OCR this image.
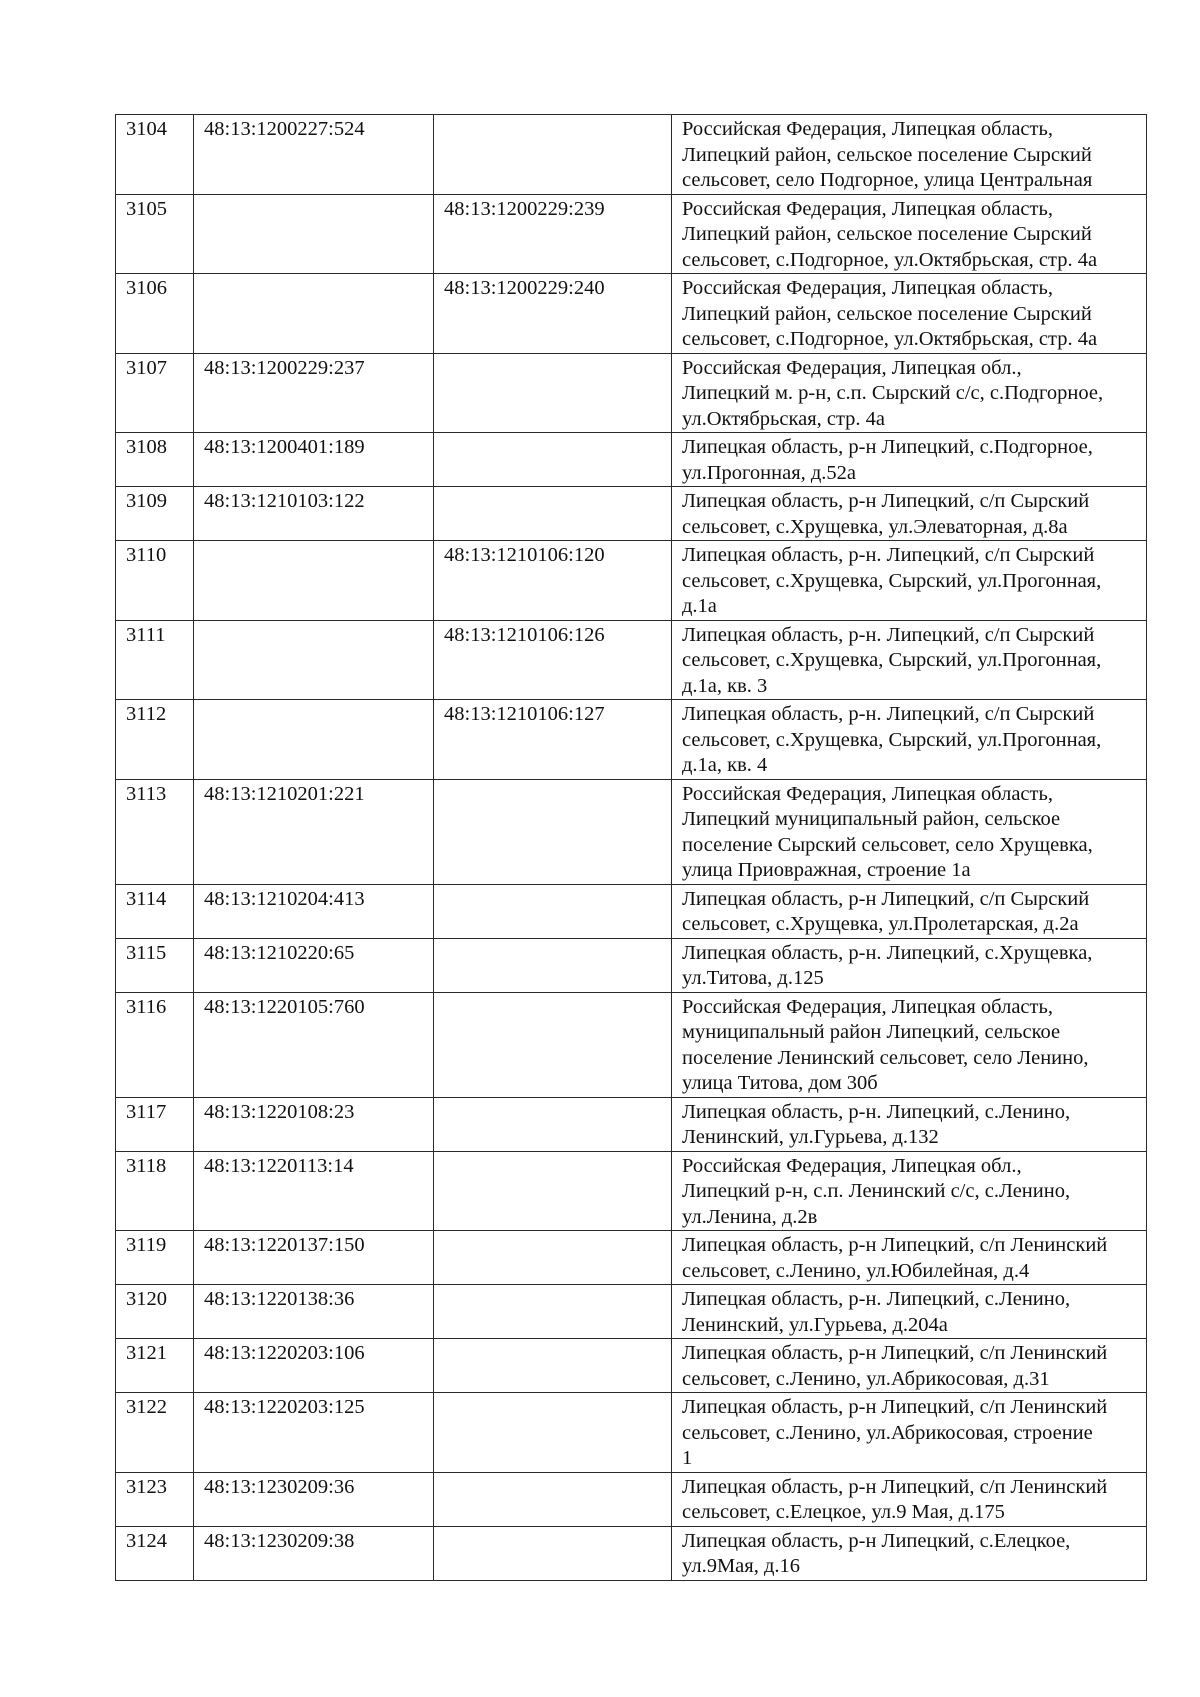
3104	48:13:1200227:524		Российская Федерация, Липецкая область,
Липецкий район, сельское поселение Сырский
сельсовет, село Подгорное, улица Центральная
3105		48:13:1200229:239	Российская Федерация, Липецкая область,
Липецкий район, сельское поселение Сырский
сельсовет, с.Подгорное, ул.Октябрьская, стр. 4а
3106		48:13:1200229:240	Российская Федерация, Липецкая область,
Липецкий район, сельское поселение Сырский
сельсовет, с.Подгорное, ул.Октябрьская, стр. 4а
3107	48:13:1200229:237		Российская Федерация, Липецкая обл.,
Липецкий м. р-н, с.п. Сырский с/с, с.Подгорное,
ул.Октябрьская, стр. 4а
3108	48:13:1200401:189		Липецкая область, р-н Липецкий, с.Подгорное,
ул.Прогонная, д.52а
3109	48:13:1210103:122		Липецкая область, р-н Липецкий, с/п Сырский
сельсовет, с.Хрущевка, ул.Элеваторная, д.8а
3110		48:13:1210106:120	Липецкая область, р-н. Липецкий, с/п Сырский
сельсовет, с.Хрущевка, Сырский, ул.Прогонная,
д.1а
3111		48:13:1210106:126	Липецкая область, р-н. Липецкий, с/п Сырский
сельсовет, с.Хрущевка, Сырский, ул.Прогонная,
д.1а, кв. 3
3112		48:13:1210106:127	Липецкая область, р-н. Липецкий, с/п Сырский
сельсовет, с.Хрущевка, Сырский, ул.Прогонная,
д.1а, кв. 4
3113	48:13:1210201:221		Российская Федерация, Липецкая область,
Липецкий муниципальный район, сельское
поселение Сырский сельсовет, село Хрущевка,
улица Приовражная, строение 1а
3114	48:13:1210204:413		Липецкая область, р-н Липецкий, с/п Сырский
сельсовет, с.Хрущевка, ул.Пролетарская, д.2а
3115	48:13:1210220:65		Липецкая область, р-н. Липецкий, с.Хрущевка,
ул.Титова, д.125
3116	48:13:1220105:760		Российская Федерация, Липецкая область,
муниципальный район Липецкий, сельское
поселение Ленинский сельсовет, село Ленино,
улица Титова, дом 30б
3117	48:13:1220108:23		Липецкая область, р-н. Липецкий, с.Ленино,
Ленинский, ул.Гурьева, д.132
3118	48:13:1220113:14		Российская Федерация, Липецкая обл.,
Липецкий р-н, с.п. Ленинский с/с, с.Ленино,
ул.Ленина, д.2в
3119	48:13:1220137:150		Липецкая область, р-н Липецкий, с/п Ленинский
сельсовет, с.Ленино, ул.Юбилейная, д.4
3120	48:13:1220138:36		Липецкая область, р-н. Липецкий, с.Ленино,
Ленинский, ул.Гурьева, д.204а
3121	48:13:1220203:106		Липецкая область, р-н Липецкий, с/п Ленинский
сельсовет, с.Ленино, ул.Абрикосовая, д.31
3122	48:13:1220203:125		Липецкая область, р-н Липецкий, с/п Ленинский
сельсовет, с.Ленино, ул.Абрикосовая, строение
1
3123	48:13:1230209:36		Липецкая область, р-н Липецкий, с/п Ленинский
сельсовет, с.Елецкое, ул.9 Мая, д.175
3124	48:13:1230209:38		Липецкая область, р-н Липецкий, с.Елецкое,
ул.9Мая, д.16
